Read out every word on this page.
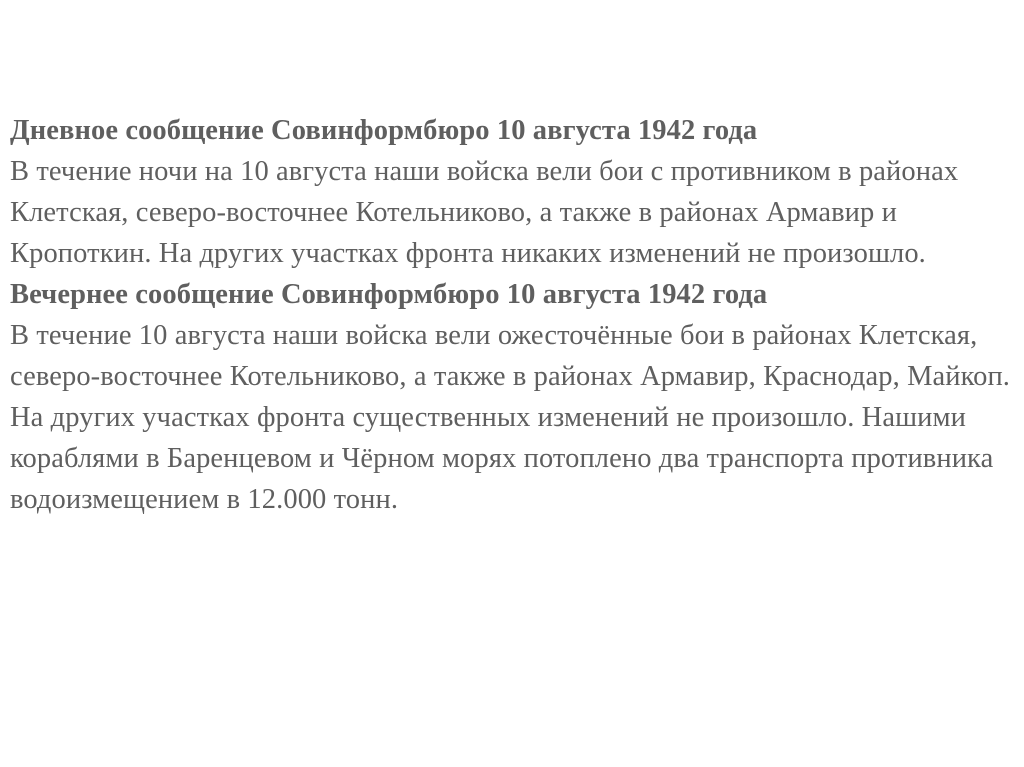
Дневное сообщение Совинформбюро 10 августа 1942 года
В течение ночи на 10 августа наши войска вели бои с противником в районах Клетская, северо-восточнее Котельниково, а также в районах Армавир и Кропоткин. На других участках фронта никаких изменений не произошло.
Вечернее сообщение Совинформбюро 10 августа 1942 года
В течение 10 августа наши войска вели ожесточённые бои в районах Клетская, северо-восточнее Котельниково, а также в районах Армавир, Краснодар, Майкоп. На других участках фронта существенных изменений не произошло. Нашими кораблями в Баренцевом и Чёрном морях потоплено два транспорта противника водоизмещением в 12.000 тонн.
